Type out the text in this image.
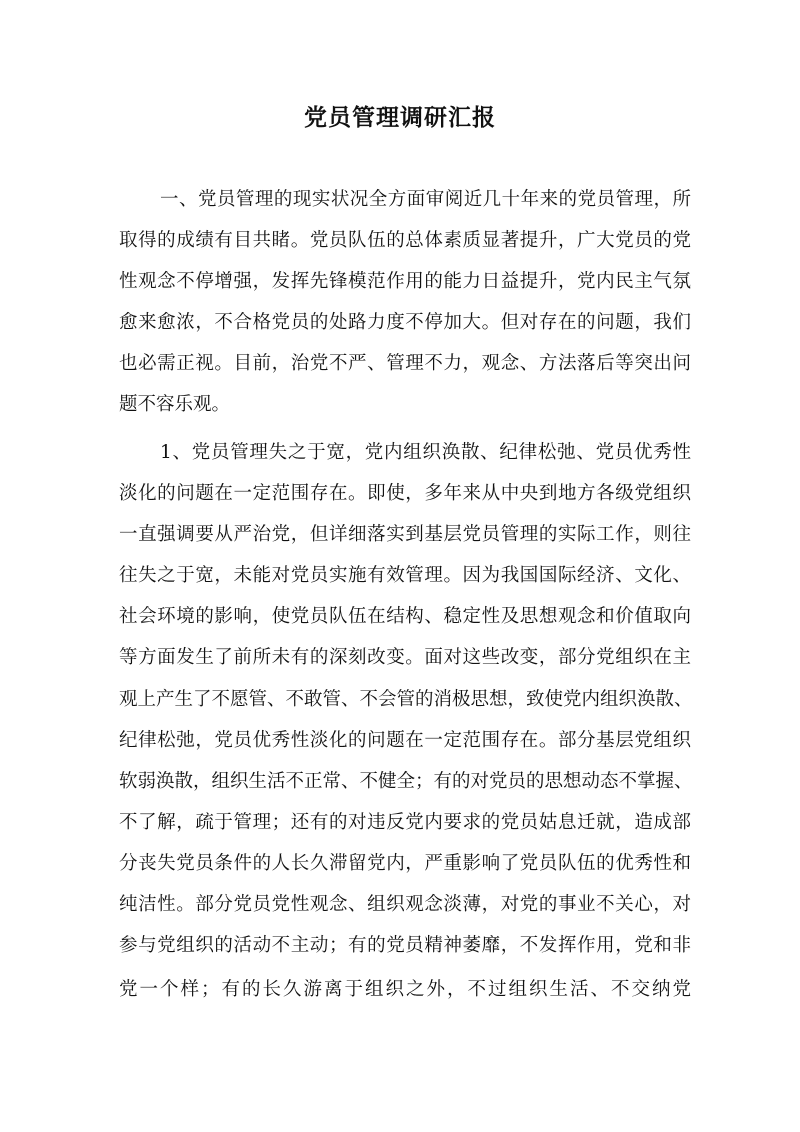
党员管理调研汇报

一、党员管理的现实状况全方面审阅近几十年来的党员管理，所

取得的成绩有目共睹。党员队伍的总体素质显著提升，广大党员的党

性观念不停增强，发挥先锋模范作用的能力日益提升，党内民主气氛

愈来愈浓，不合格党员的处路力度不停加大。但对存在的问题，我们

也必需正视。目前，治党不严、管理不力，观念、方法落后等突出问

题不容乐观。

1、党员管理失之于宽，党内组织涣散、纪律松弛、党员优秀性

淡化的问题在一定范围存在。即使，多年来从中央到地方各级党组织

一直强调要从严治党，但详细落实到基层党员管理的实际工作，则往

往失之于宽，未能对党员实施有效管理。因为我国国际经济、文化、

社会环境的影响，使党员队伍在结构、稳定性及思想观念和价值取向

等方面发生了前所未有的深刻改变。面对这些改变，部分党组织在主

观上产生了不愿管、不敢管、不会管的消极思想，致使党内组织涣散、

纪律松弛，党员优秀性淡化的问题在一定范围存在。部分基层党组织

软弱涣散，组织生活不正常、不健全；有的对党员的思想动态不掌握、

不了解，疏于管理；还有的对违反党内要求的党员姑息迁就，造成部

分丧失党员条件的人长久滞留党内，严重影响了党员队伍的优秀性和

纯洁性。部分党员党性观念、组织观念淡薄，对党的事业不关心，对

参与党组织的活动不主动；有的党员精神萎靡，不发挥作用，党和非

党一个样；有的长久游离于组织之外，不过组织生活、不交纳党
